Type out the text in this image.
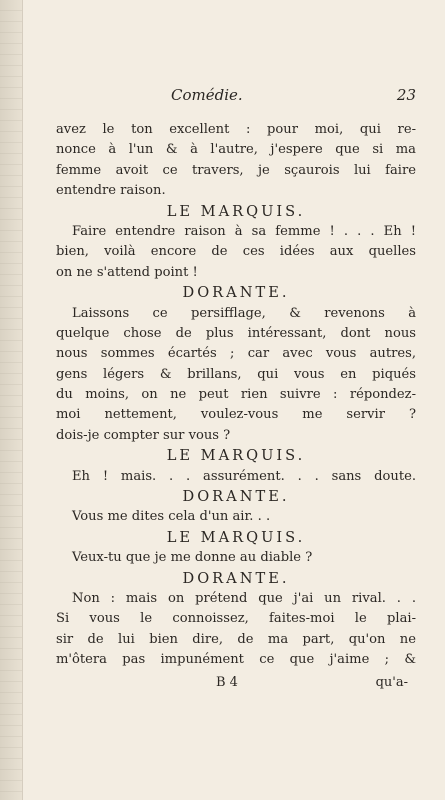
Comédie.	23
avez le ton excellent : pour moi, qui re-
nonce à l'un & à l'autre, j'espere que si ma
femme avoit ce travers, je sçaurois lui faire
entendre raison.
LE MARQUIS.
Faire entendre raison à sa femme ! . . . Eh !
bien, voilà encore de ces idées aux quelles
on ne s'attend point !
DORANTE.
Laissons ce persifflage, & revenons à
quelque chose de plus intéressant, dont nous
nous sommes écartés ; car avec vous autres,
gens légers & brillans, qui vous en piqués
du moins, on ne peut rien suivre : répondez-
moi nettement, voulez-vous me servir ?
dois-je compter sur vous ?
LE MARQUIS.
Eh ! mais. . . assurément. . . sans doute.
DORANTE.
Vous me dites cela d'un air. . .
LE MARQUIS.
Veux-tu que je me donne au diable ?
DORANTE.
Non : mais on prétend que j'ai un rival. . .
Si vous le connoissez, faites-moi le plai-
sir de lui bien dire, de ma part, qu'on ne
m'ôtera pas impunément ce que j'aime ; &
B 4	qu'a-
